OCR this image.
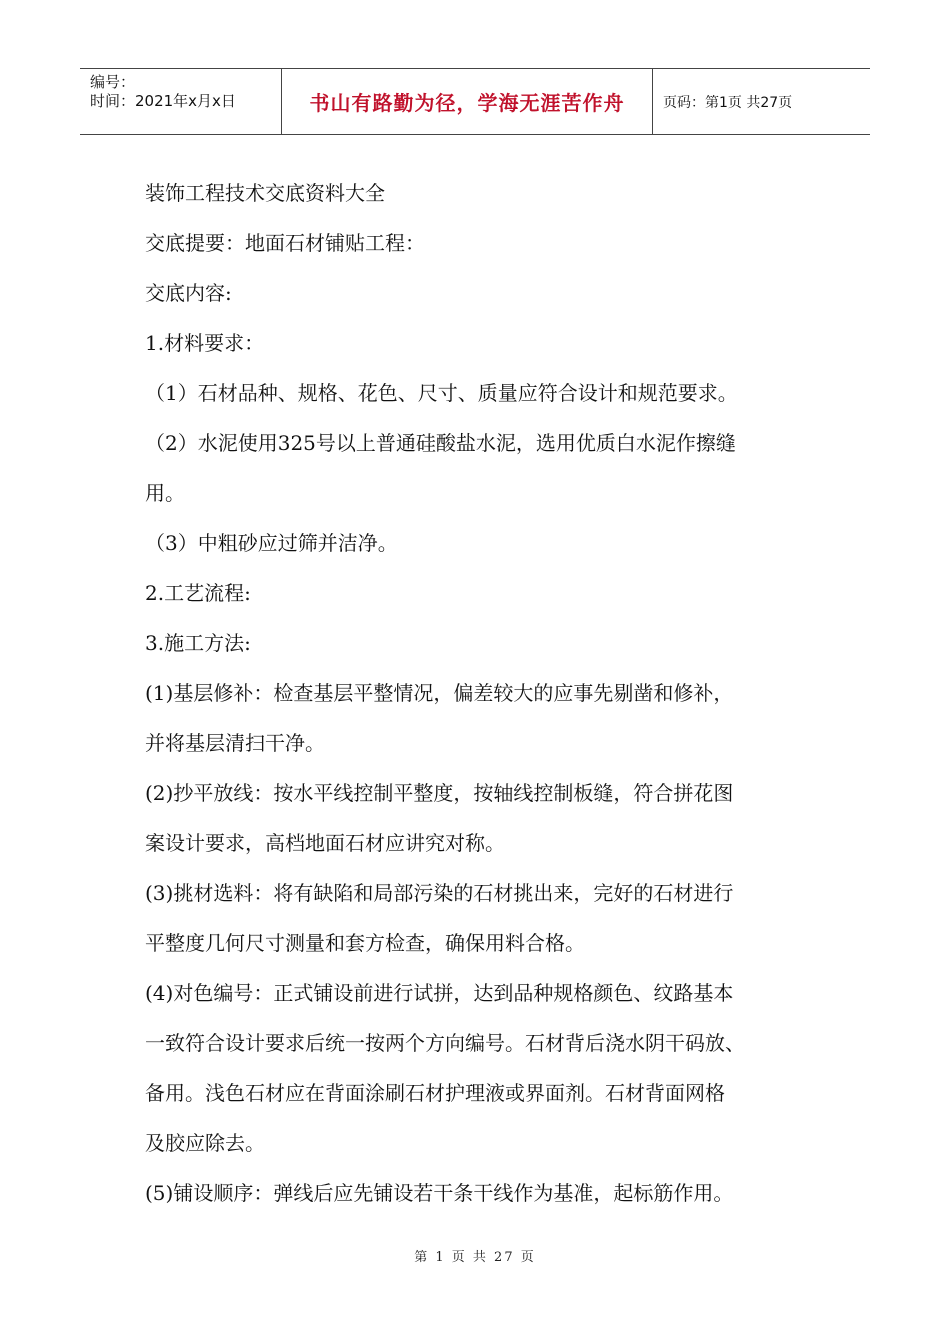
编号：
时间：2021年x月x日	书山有路勤为径，学海无涯苦作舟	页码：第1页 共27页

装饰工程技术交底资料大全

交底提要：地面石材铺贴工程：

交底内容:

1.材料要求：

（1）石材品种、规格、花色、尺寸、质量应符合设计和规范要求。

（2）水泥使用325号以上普通硅酸盐水泥，选用优质白水泥作擦缝

用。

（3）中粗砂应过筛并洁净。

2.工艺流程:

3.施工方法:

(1)基层修补：检查基层平整情况，偏差较大的应事先剔凿和修补，

并将基层清扫干净。

(2)抄平放线：按水平线控制平整度，按轴线控制板缝，符合拼花图

案设计要求，高档地面石材应讲究对称。

(3)挑材选料：将有缺陷和局部污染的石材挑出来，完好的石材进行

平整度几何尺寸测量和套方检查，确保用料合格。

(4)对色编号：正式铺设前进行试拼，达到品种规格颜色、纹路基本

一致符合设计要求后统一按两个方向编号。石材背后浇水阴干码放、

备用。浅色石材应在背面涂刷石材护理液或界面剂。石材背面网格

及胶应除去。

(5)铺设顺序：弹线后应先铺设若干条干线作为基准，起标筋作用。

第 1 页 共 27 页
